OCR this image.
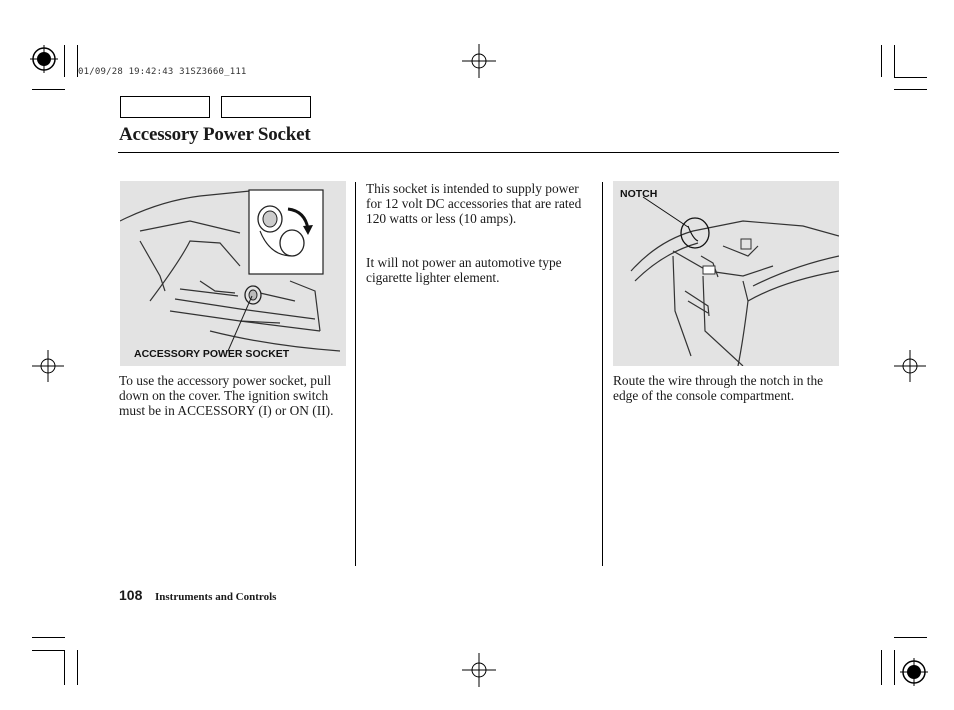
01/09/28 19:42:43 31SZ3660_111
Accessory Power Socket
ACCESSORY POWER SOCKET
To use the accessory power socket, pull down on the cover. The ignition switch must be in ACCESSORY (I) or ON (II).
This socket is intended to supply power for 12 volt DC accessories that are rated 120 watts or less (10 amps).
It will not power an automotive type cigarette lighter element.
NOTCH
Route the wire through the notch in the edge of the console compartment.
108 Instruments and Controls
